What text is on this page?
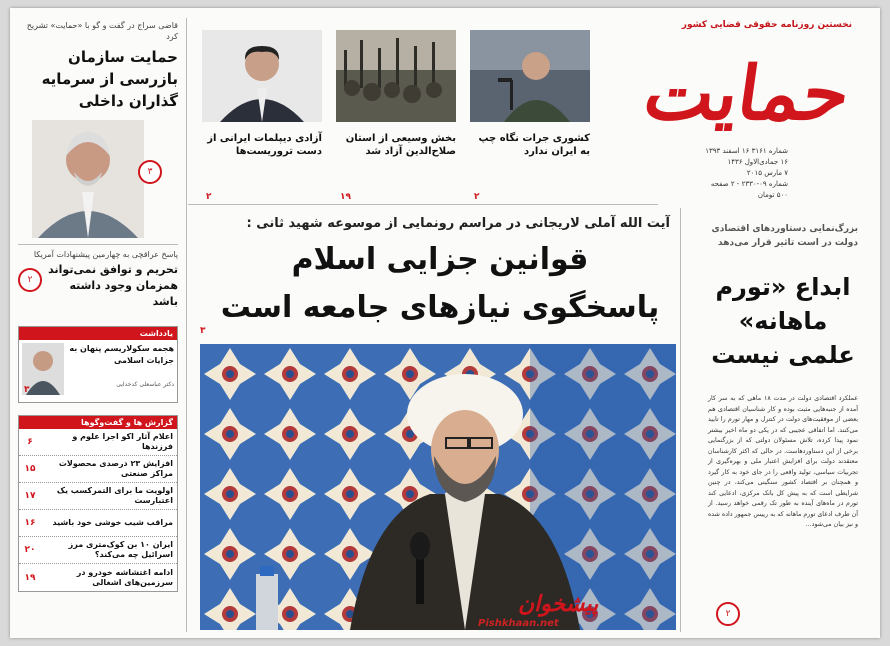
نخستین روزنامه حقوقی قضایی کشور
حمایت
شماره ۳۱۶۱ ۱۶ اسفند ۱۳۹۳
۱۶ جمادی‌الاول ۱۴۳۶
۷ مارس ۲۰۱۵
شماره ۰۹-۲۳۳۰ - ۲ صفحه
۵۰۰ تومان
کشوری جرات نگاه چپ به ایران ندارد
۲
بخش وسیعی از استان صلاح‌الدین آزاد شد
۱۹
آزادی دیپلمات ایرانی از دست تروریست‌ها
۲
قاضی سراج در گفت و گو با «حمایت» تشریح کرد
حمایت سازمان بازرسی از سرمایه گذاران داخلی
۳
پاسخ عراقچی به چهارمین پیشنهادات آمریکا
تحریم و توافق نمی‌تواند همزمان وجود داشته باشد
۲
یادداشت
هجمه سکولاریسم پنهان به جزایات اسلامی
دکتر عباسعلی کدخدایی
۳
گزارش ها و گفت‌وگوها
اعلام آثار اکو اجرا علوم و فرزندها
۶
افزایش ۲۳ درصدی محصولات مراکز صنعتی
۱۵
اولویت ما برای التمرکسب یک اعتبارست
۱۷
مراقب شیب خوشی خود باشید
۱۶
ایران ۱۰ بن کوک‌متری مرز اسرائیل چه می‌کند؟
۲۰
ادامه اغتشاشه خودرو در سرزمین‌های اشغالی
۱۹
آیت الله آملی لاریجانی در مراسم رونمایی از موسوعه شهید ثانی :
قوانین جزایی اسلام
پاسخگوی نیازهای جامعه است
۳
پیشخوان
Pishkhaan.net
بزرگ‌نمایی دستاوردهای اقتصادی دولت در است تاثیر قرار می‌دهد
ابداع «تورم ماهانه» علمی نیست
عملکرد اقتصادی دولت در مدت ۱۸ ماهی که به سر کار آمده از جنبه‌هایی مثبت بوده و کار شناسیان اقتصادی هم بعضی از موفقیت‌های دولت در کنترل و مهار تورم را تایید می‌کنند. اما اتفاقی عجیبی که در یکی دو ماه اخیر بیشتر نمود پیدا کرده، تلاش مسئولان دولتی که از بزرگنمایی برخی از این دستاوردهاست. در حالی که اکثر کارشناسان معتقدند دولت برای افزایش اعتبار ملی و بهره‌گیری از تجربیات سیاسی، تولید واقعی را در جای خود به کار گیرد و همچنان بر اقتصاد کشور سنگینی می‌کند، در چنین شرایطی است که به پیش کل بانک مرکزی، ادعایی کند تورم در ماه‌های آینده به طور تک رقمی خواهد رسید. از آن طرف ادعای تورم ماهانه که به رییس جمهور داده شده و نیز بیان می‌شود...
۲
